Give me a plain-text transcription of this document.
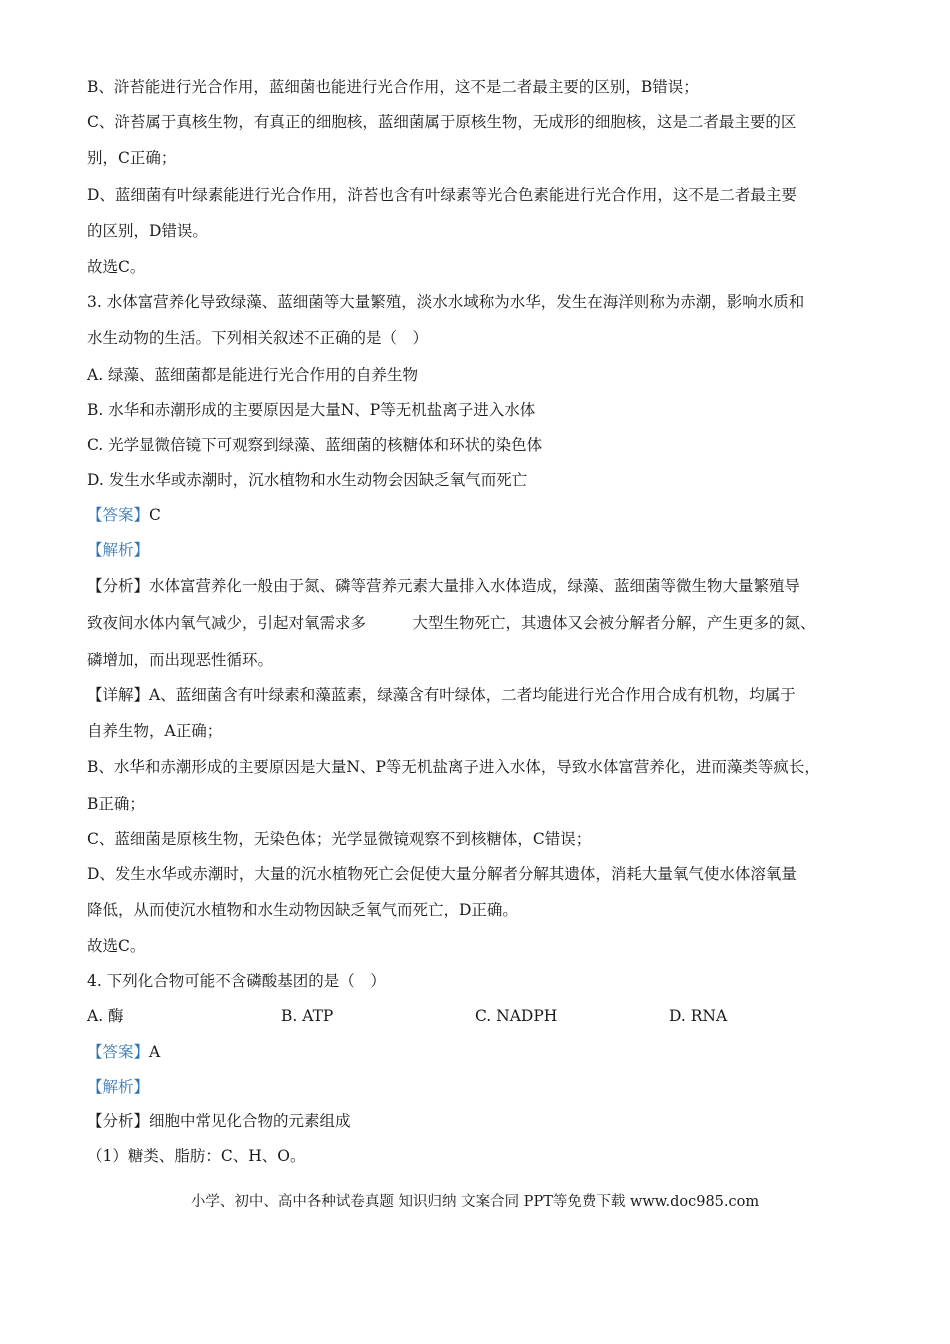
B、浒苔能进行光合作用，蓝细菌也能进行光合作用，这不是二者最主要的区别，B错误；
C、浒苔属于真核生物，有真正的细胞核，蓝细菌属于原核生物，无成形的细胞核，这是二者最主要的区
别，C正确；
D、蓝细菌有叶绿素能进行光合作用，浒苔也含有叶绿素等光合色素能进行光合作用，这不是二者最主要
的区别，D错误。
故选C。
3. 水体富营养化导致绿藻、蓝细菌等大量繁殖，淡水水域称为水华，发生在海洋则称为赤潮，影响水质和
水生动物的生活。下列相关叙述不正确的是（　）
A. 绿藻、蓝细菌都是能进行光合作用的自养生物
B. 水华和赤潮形成的主要原因是大量N、P等无机盐离子进入水体
C. 光学显微倍镜下可观察到绿藻、蓝细菌的核糖体和环状的染色体
D. 发生水华或赤潮时，沉水植物和水生动物会因缺乏氧气而死亡
【答案】C
【解析】
【分析】水体富营养化一般由于氮、磷等营养元素大量排入水体造成，绿藻、蓝细菌等微生物大量繁殖导
致夜间水体内氧气减少，引起对氧需求多　　　大型生物死亡，其遗体又会被分解者分解，产生更多的氮、
磷增加，而出现恶性循环。
【详解】A、蓝细菌含有叶绿素和藻蓝素，绿藻含有叶绿体，二者均能进行光合作用合成有机物，均属于
自养生物，A正确；
B、水华和赤潮形成的主要原因是大量N、P等无机盐离子进入水体，导致水体富营养化，进而藻类等疯长，
B正确；
C、蓝细菌是原核生物，无染色体；光学显微镜观察不到核糖体，C错误；
D、发生水华或赤潮时，大量的沉水植物死亡会促使大量分解者分解其遗体，消耗大量氧气使水体溶氧量
降低，从而使沉水植物和水生动物因缺乏氧气而死亡，D正确。
故选C。
4. 下列化合物可能不含磷酸基团的是（　）
A. 酶	B. ATP	C. NADPH	D. RNA
【答案】A
【解析】
【分析】细胞中常见化合物的元素组成
（1）糖类、脂肪：C、H、O。
小学、初中、高中各种试卷真题 知识归纳 文案合同 PPT等免费下载 www.doc985.com
